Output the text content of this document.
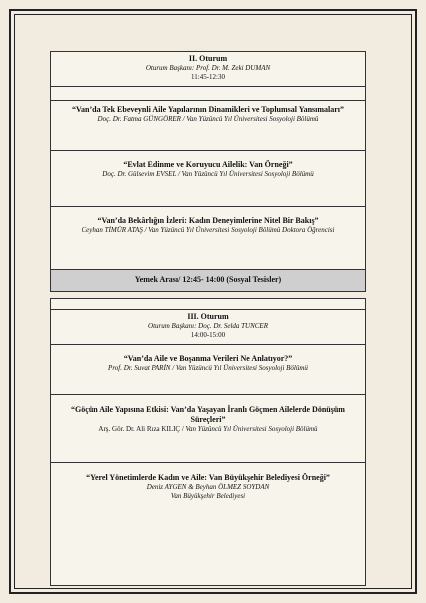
II. Oturum
Oturum Başkanı: Prof. Dr. M. Zeki DUMAN
11:45-12:30
“Van’da Tek Ebeveynli Aile Yapılarının Dinamikleri ve Toplumsal Yansımaları”
Doç. Dr. Fatma GÜNGÖRER / Van Yüzüncü Yıl Üniversitesi Sosyoloji Bölümü
“Evlat Edinme ve Koruyucu Ailelik: Van Örneği”
Doç. Dr. Gülsevim EVSEL / Van Yüzüncü Yıl Üniversitesi Sosyoloji Bölümü
“Van’da Bekârlığın İzleri: Kadın Deneyimlerine Nitel Bir Bakış”
Ceyhan TİMÜR ATAŞ / Van Yüzüncü Yıl Üniversitesi Sosyoloji Bölümü Doktora Öğrencisi
Yemek Arası/ 12:45- 14:00 (Sosyal Tesisler)
III. Oturum
Oturum Başkanı: Doç. Dr. Selda TUNCER
14:00-15:00
“Van’da Aile ve Boşanma Verileri Ne Anlatıyor?”
Prof. Dr. Suvat PARİN / Van Yüzüncü Yıl Üniversitesi Sosyoloji Bölümü
“Göçün Aile Yapısına Etkisi: Van’da Yaşayan İranlı Göçmen Ailelerde Dönüşüm Süreçleri”
Arş. Gör. Dr. Ali Rıza KILIÇ / Van Yüzüncü Yıl Üniversitesi Sosyoloji Bölümü
“Yerel Yönetimlerde Kadın ve Aile: Van Büyükşehir Belediyesi Örneği”
Deniz AYGEN & Beyhan ÖLMEZ SOYDAN
Van Büyükşehir Belediyesi
